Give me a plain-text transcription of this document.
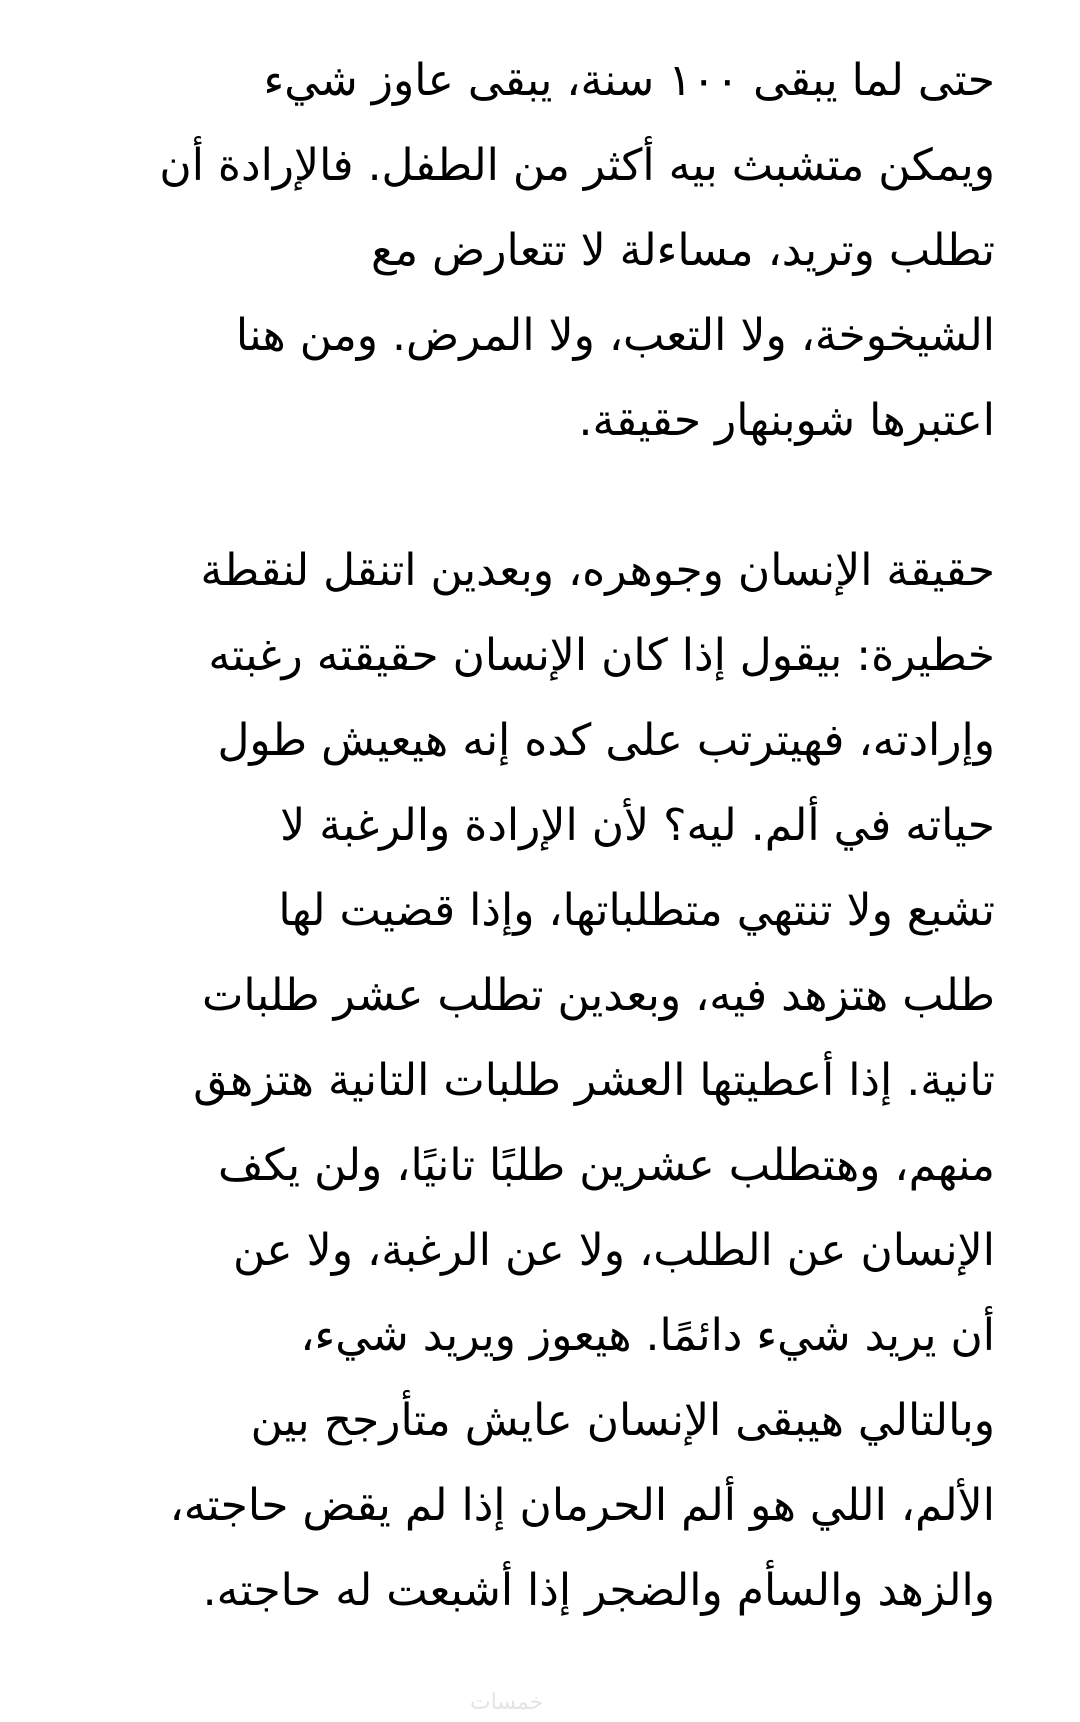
حتى لما يبقى ١٠٠ سنة، يبقى عاوز شيء
ويمكن متشبث بيه أكثر من الطفل. فالإرادة أن
تطلب وتريد، مساءلة لا تتعارض مع
الشيخوخة، ولا التعب، ولا المرض. ومن هنا
اعتبرها شوبنهار حقيقة.
حقيقة الإنسان وجوهره، وبعدين اتنقل لنقطة
خطيرة: بيقول إذا كان الإنسان حقيقته رغبته
وإرادته، فهيترتب على كده إنه هيعيش طول
حياته في ألم. ليه؟ لأن الإرادة والرغبة لا
تشبع ولا تنتهي متطلباتها، وإذا قضيت لها
طلب هتزهد فيه، وبعدين تطلب عشر طلبات
تانية. إذا أعطيتها العشر طلبات التانية هتزهق
منهم، وهتطلب عشرين طلبًا تانيًا، ولن يكف
الإنسان عن الطلب، ولا عن الرغبة، ولا عن
أن يريد شيء دائمًا. هيعوز ويريد شيء،
وبالتالي هيبقى الإنسان عايش متأرجح بين
الألم، اللي هو ألم الحرمان إذا لم يقض حاجته،
والزهد والسأم والضجر إذا أشبعت له حاجته.
خمسات
